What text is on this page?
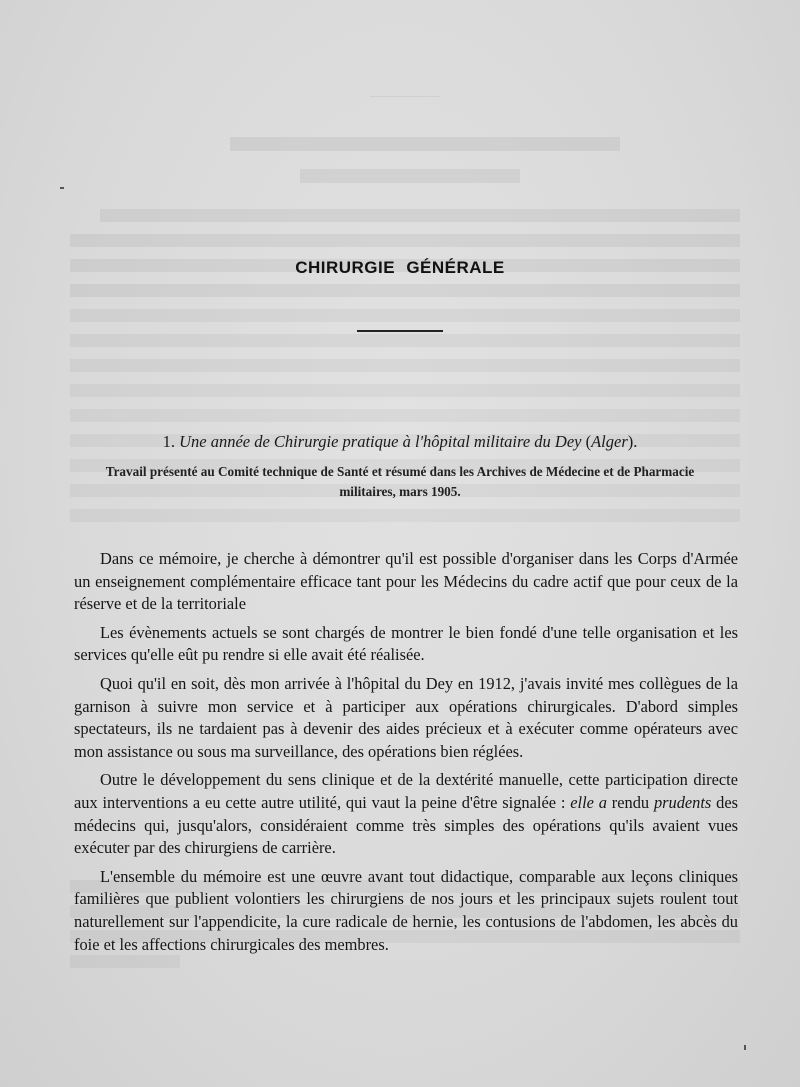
CHIRURGIE GÉNÉRALE
1. Une année de Chirurgie pratique à l'hôpital militaire du Dey (Alger).
Travail présenté au Comité technique de Santé et résumé dans les Archives de Médecine et de Pharmacie militaires, mars 1905.

Dans ce mémoire, je cherche à démontrer qu'il est possible d'organiser dans les Corps d'Armée un enseignement complémentaire efficace tant pour les Médecins du cadre actif que pour ceux de la réserve et de la territoriale

Les évènements actuels se sont chargés de montrer le bien fondé d'une telle organisation et les services qu'elle eût pu rendre si elle avait été réalisée.

Quoi qu'il en soit, dès mon arrivée à l'hôpital du Dey en 1912, j'avais invité mes collègues de la garnison à suivre mon service et à participer aux opérations chirurgicales. D'abord simples spectateurs, ils ne tardaient pas à devenir des aides précieux et à exécuter comme opérateurs avec mon assistance ou sous ma surveillance, des opérations bien réglées.

Outre le développement du sens clinique et de la dextérité manuelle, cette participation directe aux interventions a eu cette autre utilité, qui vaut la peine d'être signalée : elle a rendu prudents des médecins qui, jusqu'alors, considéraient comme très simples des opérations qu'ils avaient vues exécuter par des chirurgiens de carrière.

L'ensemble du mémoire est une œuvre avant tout didactique, comparable aux leçons cliniques familières que publient volontiers les chirurgiens de nos jours et les principaux sujets roulent tout naturellement sur l'appendicite, la cure radicale de hernie, les contusions de l'abdomen, les abcès du foie et les affections chirurgicales des membres.
